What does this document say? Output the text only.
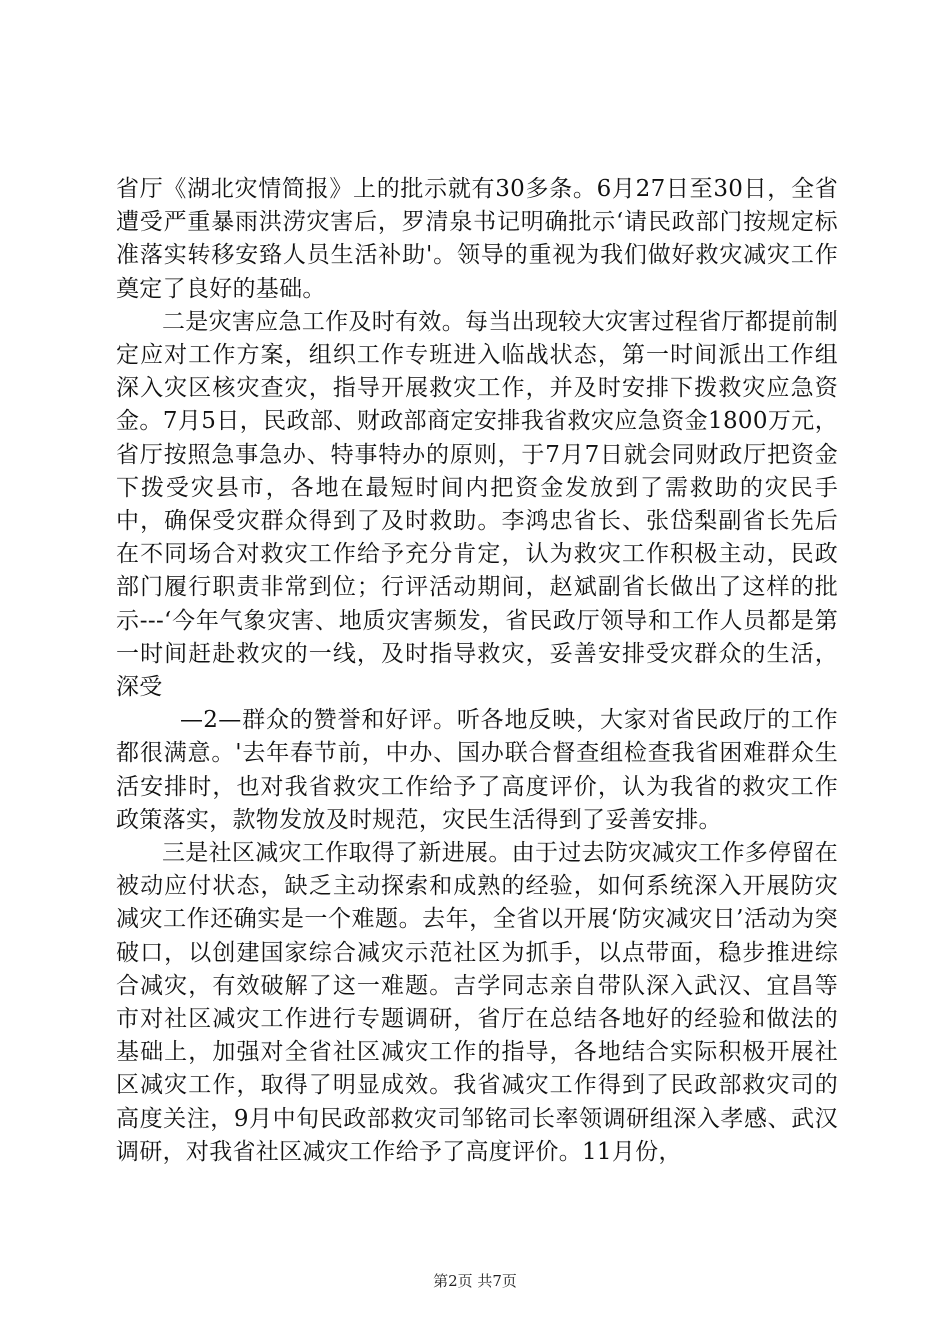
省厅《湖北灾情简报》上的批示就有30多条。6月27日至30日，全省遭受严重暴雨洪涝灾害后，罗清泉书记明确批示‘请民政部门按规定标准落实转移安臵人员生活补助'。领导的重视为我们做好救灾减灾工作奠定了良好的基础。

二是灾害应急工作及时有效。每当出现较大灾害过程省厅都提前制定应对工作方案，组织工作专班进入临战状态，第一时间派出工作组深入灾区核灾查灾，指导开展救灾工作，并及时安排下拨救灾应急资金。7月5日，民政部、财政部商定安排我省救灾应急资金1800万元，省厅按照急事急办、特事特办的原则，于7月7日就会同财政厅把资金下拨受灾县市，各地在最短时间内把资金发放到了需救助的灾民手中，确保受灾群众得到了及时救助。李鸿忠省长、张岱梨副省长先后在不同场合对救灾工作给予充分肯定，认为救灾工作积极主动，民政部门履行职责非常到位；行评活动期间，赵斌副省长做出了这样的批示---‘今年气象灾害、地质灾害频发，省民政厅领导和工作人员都是第一时间赶赴救灾的一线，及时指导救灾，妥善安排受灾群众的生活，深受

—2—群众的赞誉和好评。听各地反映，大家对省民政厅的工作都很满意。'去年春节前，中办、国办联合督查组检查我省困难群众生活安排时，也对我省救灾工作给予了高度评价，认为我省的救灾工作政策落实，款物发放及时规范，灾民生活得到了妥善安排。

三是社区减灾工作取得了新进展。由于过去防灾减灾工作多停留在被动应付状态，缺乏主动探索和成熟的经验，如何系统深入开展防灾减灾工作还确实是一个难题。去年，全省以开展‘防灾减灾日’活动为突破口，以创建国家综合减灾示范社区为抓手，以点带面，稳步推进综合减灾，有效破解了这一难题。吉学同志亲自带队深入武汉、宜昌等市对社区减灾工作进行专题调研，省厅在总结各地好的经验和做法的基础上，加强对全省社区减灾工作的指导，各地结合实际积极开展社区减灾工作，取得了明显成效。我省减灾工作得到了民政部救灾司的高度关注，9月中旬民政部救灾司邹铭司长率领调研组深入孝感、武汉调研，对我省社区减灾工作给予了高度评价。11月份，

第2页 共7页
